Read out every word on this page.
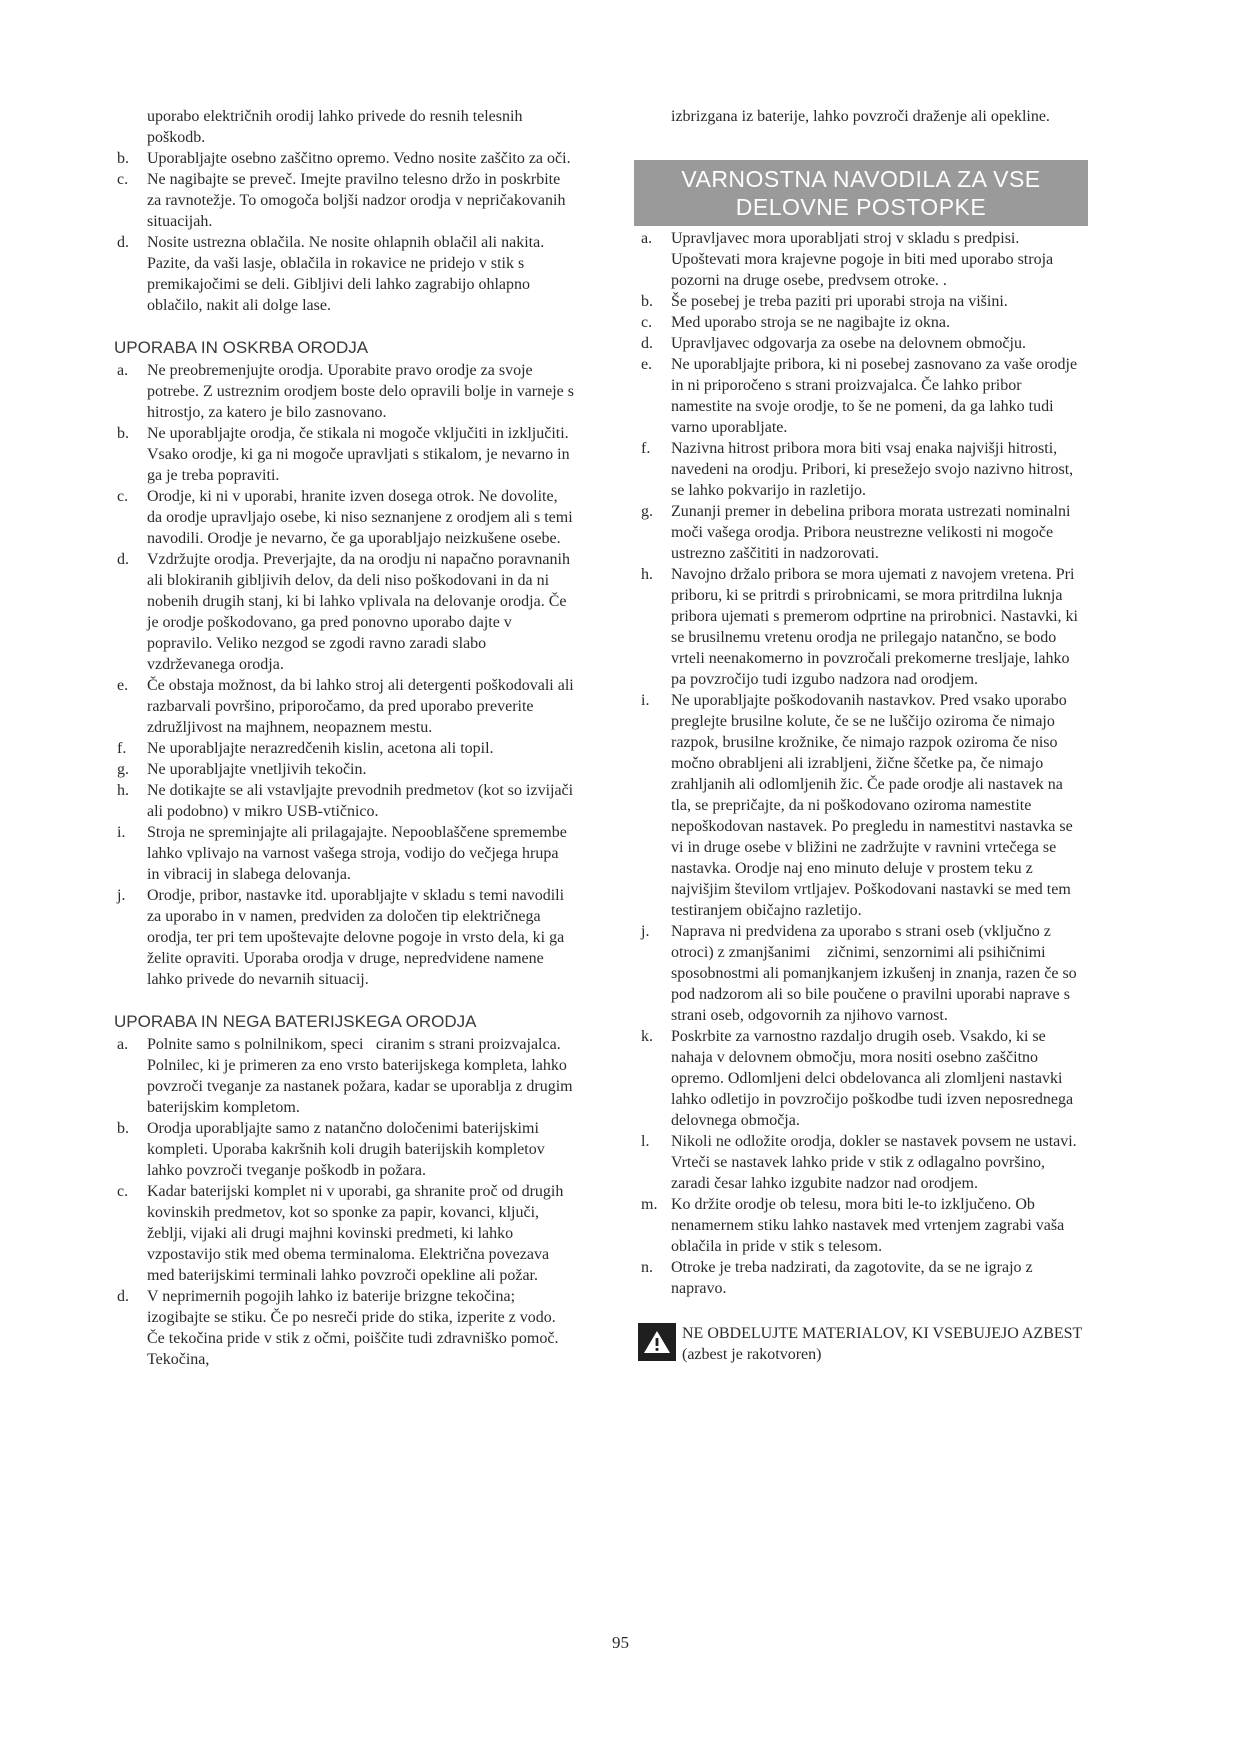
uporabo električnih orodij lahko privede do resnih telesnih poškodb.

b. Uporabljajte osebno zaščitno opremo. Vedno nosite zaščito za oči.

c. Ne nagibajte se preveč. Imejte pravilno telesno držo in poskrbite za ravnotežje. To omogoča boljši nadzor orodja v nepričakovanih situacijah.

d. Nosite ustrezna oblačila. Ne nosite ohlapnih oblačil ali nakita. Pazite, da vaši lasje, oblačila in rokavice ne pridejo v stik s premikajočimi se deli. Gibljivi deli lahko zagrabijo ohlapno oblačilo, nakit ali dolge lase.

UPORABA IN OSKRBA ORODJA

a. Ne preobremenjujte orodja. Uporabite pravo orodje za svoje potrebe. Z ustreznim orodjem boste delo opravili bolje in varneje s hitrostjo, za katero je bilo zasnovano.

b. Ne uporabljajte orodja, če stikala ni mogoče vključiti in izključiti. Vsako orodje, ki ga ni mogoče upravljati s stikalom, je nevarno in ga je treba popraviti.

c. Orodje, ki ni v uporabi, hranite izven dosega otrok. Ne dovolite, da orodje upravljajo osebe, ki niso seznanjene z orodjem ali s temi navodili. Orodje je nevarno, če ga uporabljajo neizkušene osebe.

d. Vzdržujte orodja. Preverjajte, da na orodju ni napačno poravnanih ali blokiranih gibljivih delov, da deli niso poškodovani in da ni nobenih drugih stanj, ki bi lahko vplivala na delovanje orodja. Če je orodje poškodovano, ga pred ponovno uporabo dajte v popravilo. Veliko nezgod se zgodi ravno zaradi slabo vzdrževanega orodja.

e. Če obstaja možnost, da bi lahko stroj ali detergenti poškodovali ali razbarvali površino, priporočamo, da pred uporabo preverite združljivost na majhnem, neopaznem mestu.

f. Ne uporabljajte nerazredčenih kislin, acetona ali topil.

g. Ne uporabljajte vnetljivih tekočin.

h. Ne dotikajte se ali vstavljajte prevodnih predmetov (kot so izvijači ali podobno) v mikro USB-vtičnico.

i. Stroja ne spreminjajte ali prilagajajte. Nepooblaščene spremembe lahko vplivajo na varnost vašega stroja, vodijo do večjega hrupa in vibracij in slabega delovanja.

j. Orodje, pribor, nastavke itd. uporabljajte v skladu s temi navodili za uporabo in v namen, predviden za določen tip električnega orodja, ter pri tem upoštevajte delovne pogoje in vrsto dela, ki ga želite opraviti. Uporaba orodja v druge, nepredvidene namene lahko privede do nevarnih situacij.

UPORABA IN NEGA BATERIJSKEGA ORODJA

a. Polnite samo s polnilnikom, speci ciranim s strani proizvajalca. Polnilec, ki je primeren za eno vrsto baterijskega kompleta, lahko povzroči tveganje za nastanek požara, kadar se uporablja z drugim baterijskim kompletom.

b. Orodja uporabljajte samo z natančno določenimi baterijskimi kompleti. Uporaba kakršnih koli drugih baterijskih kompletov lahko povzroči tveganje poškodb in požara.

c. Kadar baterijski komplet ni v uporabi, ga shranite proč od drugih kovinskih predmetov, kot so sponke za papir, kovanci, ključi, žeblji, vijaki ali drugi majhni kovinski predmeti, ki lahko vzpostavijo stik med obema terminaloma. Električna povezava med baterijskimi terminali lahko povzroči opekline ali požar.

d. V neprimernih pogojih lahko iz baterije brizgne tekočina; izogibajte se stiku. Če po nesreči pride do stika, izperite z vodo. Če tekočina pride v stik z očmi, poiščite tudi zdravniško pomoč. Tekočina,

izbrizgana iz baterije, lahko povzroči draženje ali opekline.

VARNOSTNA NAVODILA ZA VSE DELOVNE POSTOPKE

a. Upravljavec mora uporabljati stroj v skladu s predpisi. Upoštevati mora krajevne pogoje in biti med uporabo stroja pozorni na druge osebe, predvsem otroke. .

b. Še posebej je treba paziti pri uporabi stroja na višini.

c. Med uporabo stroja se ne nagibajte iz okna.

d. Upravljavec odgovarja za osebe na delovnem območju.

e. Ne uporabljajte pribora, ki ni posebej zasnovano za vaše orodje in ni priporočeno s strani proizvajalca. Če lahko pribor namestite na svoje orodje, to še ne pomeni, da ga lahko tudi varno uporabljate.

f. Nazivna hitrost pribora mora biti vsaj enaka najvišji hitrosti, navedeni na orodju. Pribori, ki presežejo svojo nazivno hitrost, se lahko pokvarijo in razletijo.

g. Zunanji premer in debelina pribora morata ustrezati nominalni moči vašega orodja. Pribora neustrezne velikosti ni mogoče ustrezno zaščititi in nadzorovati.

h. Navojno držalo pribora se mora ujemati z navojem vretena. Pri priboru, ki se pritrdi s prirobnicami, se mora pritrdilna luknja pribora ujemati s premerom odprtine na prirobnici. Nastavki, ki se brusilnemu vretenu orodja ne prilegajo natančno, se bodo vrteli neenakomerno in povzročali prekomerne tresljaje, lahko pa povzročijo tudi izgubo nadzora nad orodjem.

i. Ne uporabljajte poškodovanih nastavkov. Pred vsako uporabo preglejte brusilne kolute, če se ne luščijo oziroma če nimajo razpok, brusilne krožnike, če nimajo razpok oziroma če niso močno obrabljeni ali izrabljeni, žične ščetke pa, če nimajo zrahljanih ali odlomljenih žic. Če pade orodje ali nastavek na tla, se prepričajte, da ni poškodovano oziroma namestite nepoškodovan nastavek. Po pregledu in namestitvi nastavka se vi in druge osebe v bližini ne zadržujte v ravnini vrtečega se nastavka. Orodje naj eno minuto deluje v prostem teku z najvišjim številom vrtljajev. Poškodovani nastavki se med tem testiranjem običajno razletijo.

j. Naprava ni predvidena za uporabo s strani oseb (vključno z otroci) z zmanjšanimi  zičnimi, senzornimi ali psihičnimi sposobnostmi ali pomanjkanjem izkušenj in znanja, razen če so pod nadzorom ali so bile poučene o pravilni uporabi naprave s strani oseb, odgovornih za njihovo varnost.

k. Poskrbite za varnostno razdaljo drugih oseb. Vsakdo, ki se nahaja v delovnem območju, mora nositi osebno zaščitno opremo. Odlomljeni delci obdelovanca ali zlomljeni nastavki lahko odletijo in povzročijo poškodbe tudi izven neposrednega delovnega območja.

l. Nikoli ne odložite orodja, dokler se nastavek povsem ne ustavi. Vrteči se nastavek lahko pride v stik z odlagalno površino, zaradi česar lahko izgubite nadzor nad orodjem.

m. Ko držite orodje ob telesu, mora biti le-to izključeno. Ob nenamernem stiku lahko nastavek med vrtenjem zagrabi vaša oblačila in pride v stik s telesom.

n. Otroke je treba nadzirati, da zagotovite, da se ne igrajo z napravo.

NE OBDELUJTE MATERIALOV, KI VSEBUJEJO AZBEST (azbest je rakotvoren)
95
